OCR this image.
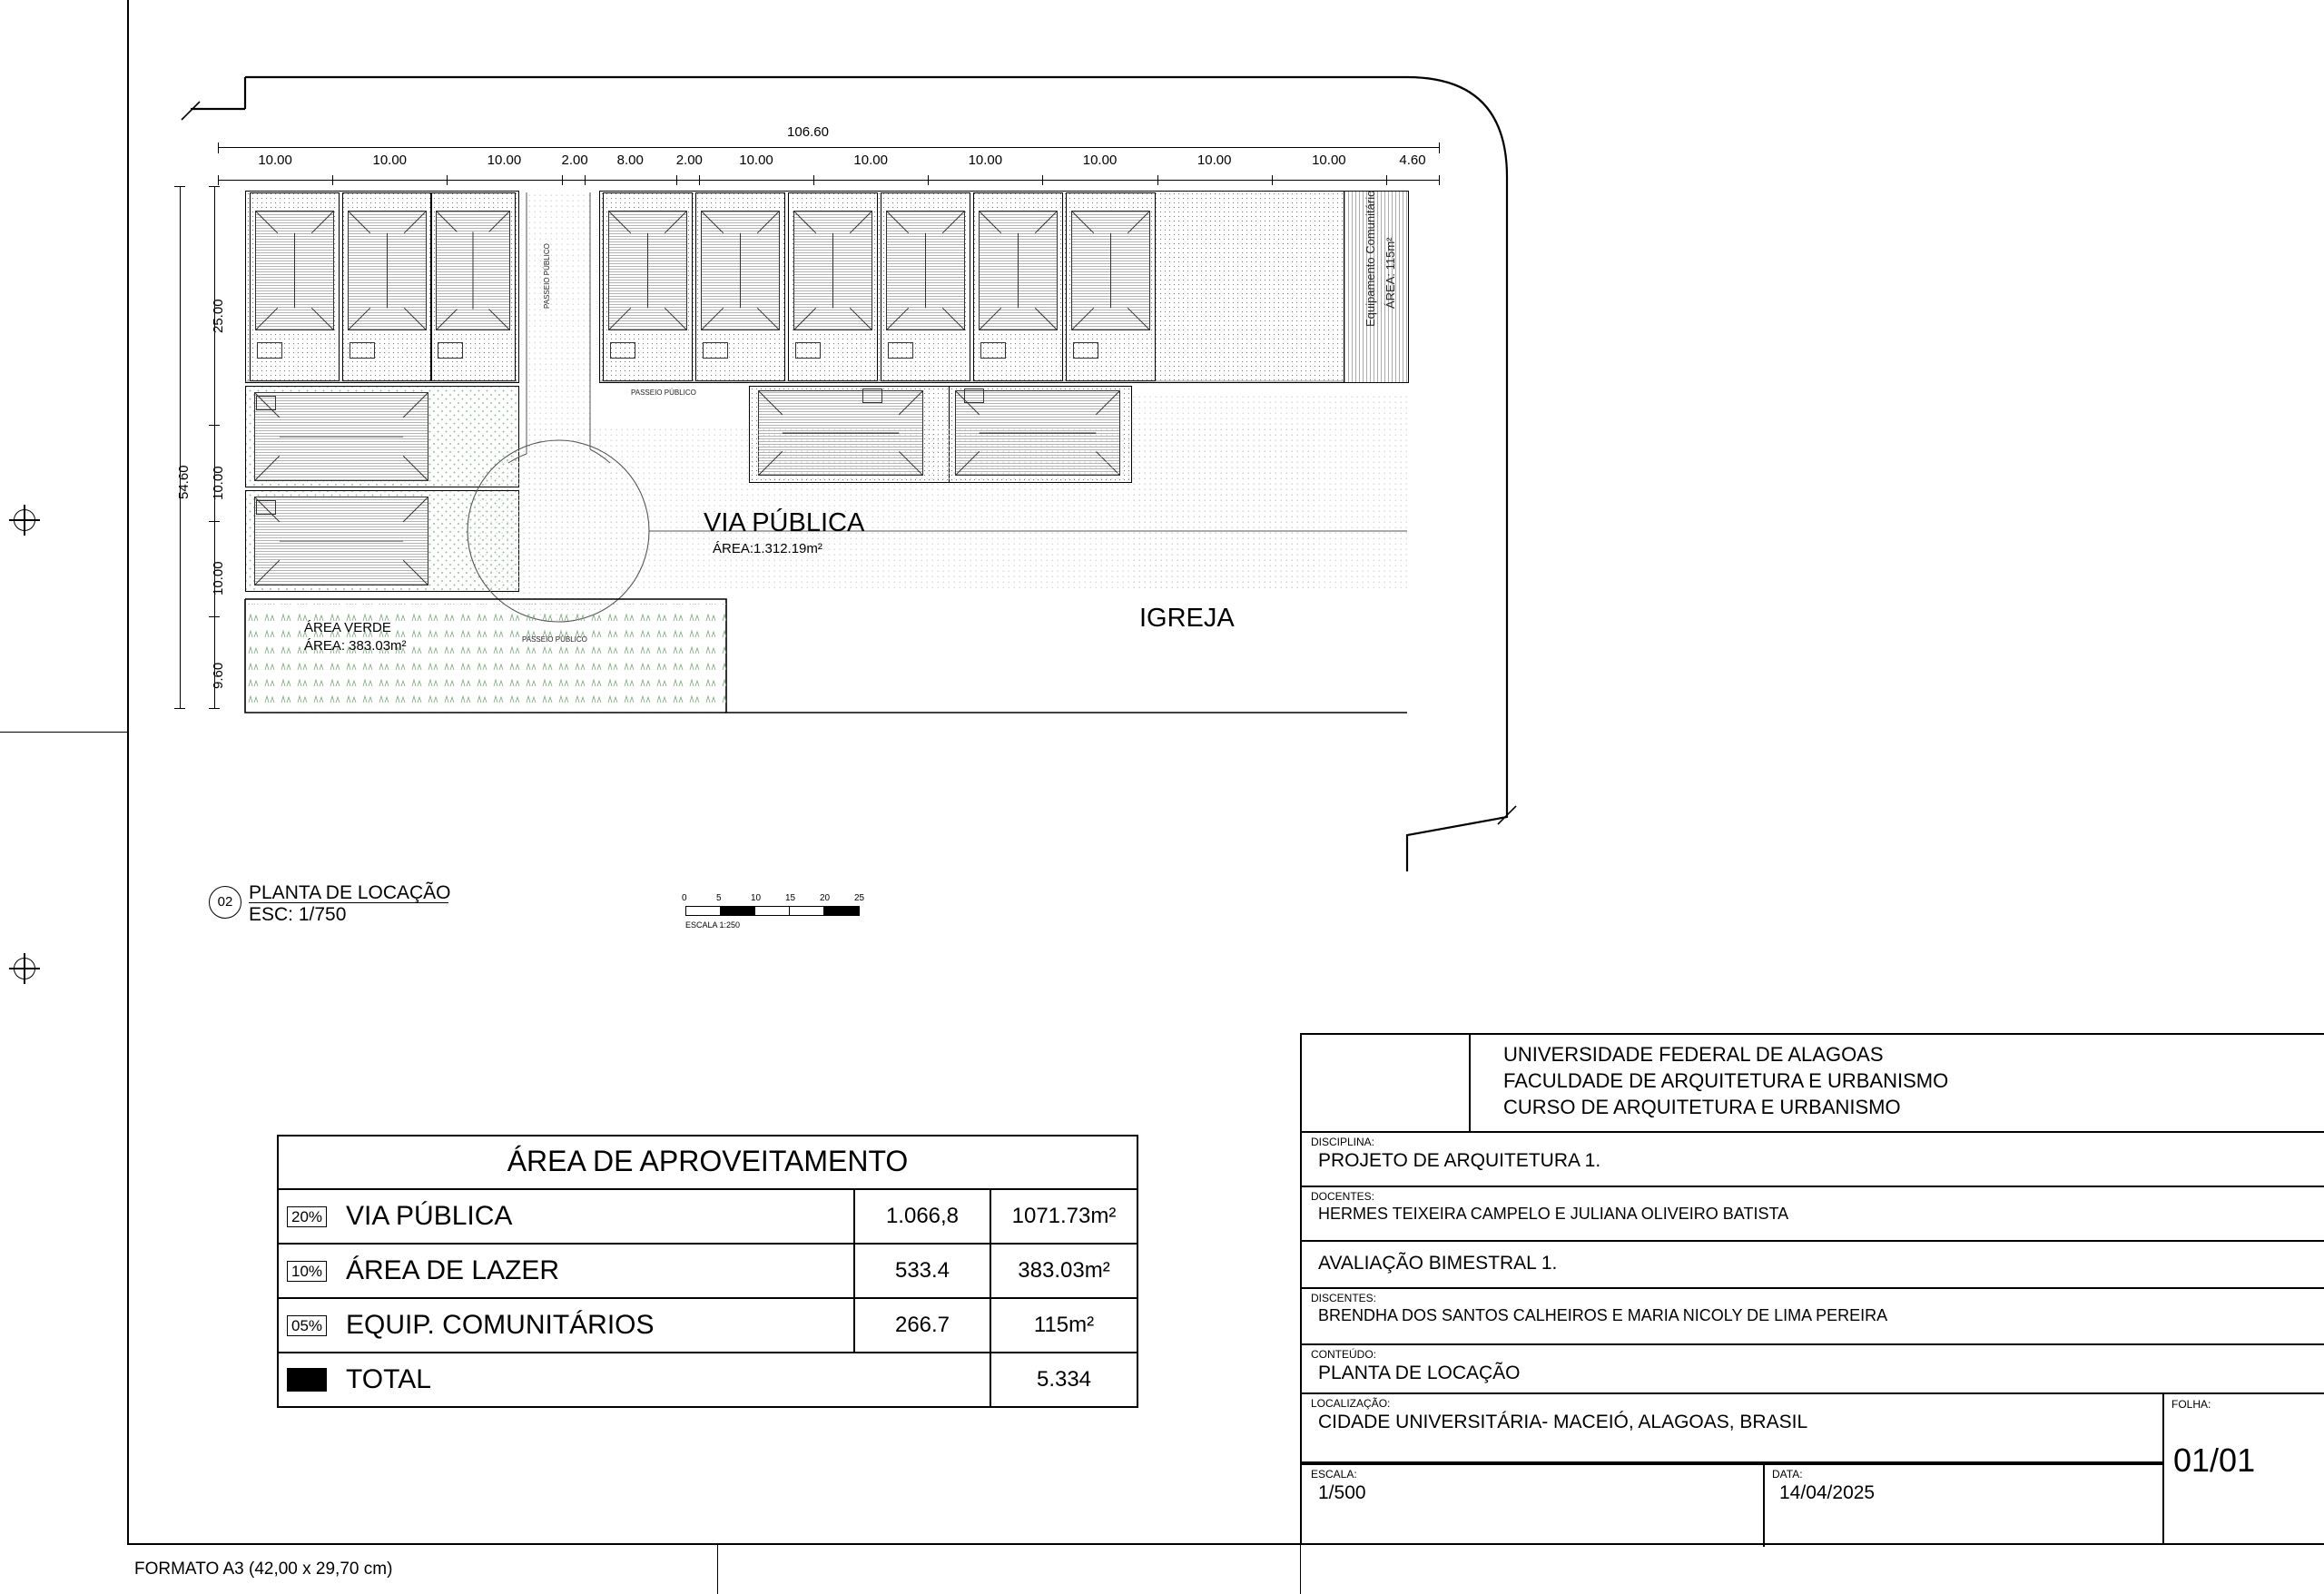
106.60
10.00	10.00	10.00	2.00	8.00	2.00	10.00	10.00	10.00	10.00	10.00	10.00	4.60
54.60
25.00
10.00
10.00
9.60
Equipamento Comunitário ÁREA: 115m²
VIA PÚBLICA
ÁREA:1.312.19m²
IGREJA
ÁREA VERDE
ÁREA: 383.03m²	PASSEIO PÚBLICO
PASSEIO PÚBLICO
PASSEIO PÚBLICO
02 PLANTA DE LOCAÇÃO
ESC: 1/750
0	5	10	15	20	25
ESCALA 1:250
ÁREA DE APROVEITAMENTO
20% VIA PÚBLICA	1.066,8	1071.73m²
10% ÁREA DE LAZER	533.4	383.03m²
05% EQUIP. COMUNITÁRIOS	266.7	115m²
TOTAL	5.334
UNIVERSIDADE FEDERAL DE ALAGOAS
FACULDADE DE ARQUITETURA E URBANISMO
CURSO DE ARQUITETURA E URBANISMO
DISCIPLINA:
PROJETO DE ARQUITETURA 1.
DOCENTES:
HERMES TEIXEIRA CAMPELO E JULIANA OLIVEIRO BATISTA
AVALIAÇÃO BIMESTRAL 1.
DISCENTES:
BRENDHA DOS SANTOS CALHEIROS E MARIA NICOLY DE LIMA PEREIRA
CONTEÚDO:
PLANTA DE LOCAÇÃO
LOCALIZAÇÃO:
CIDADE UNIVERSITÁRIA- MACEIÓ, ALAGOAS, BRASIL
FOLHA:
01/01
ESCALA:
1/500
DATA:
14/04/2025
FORMATO A3 (42,00 x 29,70 cm)
